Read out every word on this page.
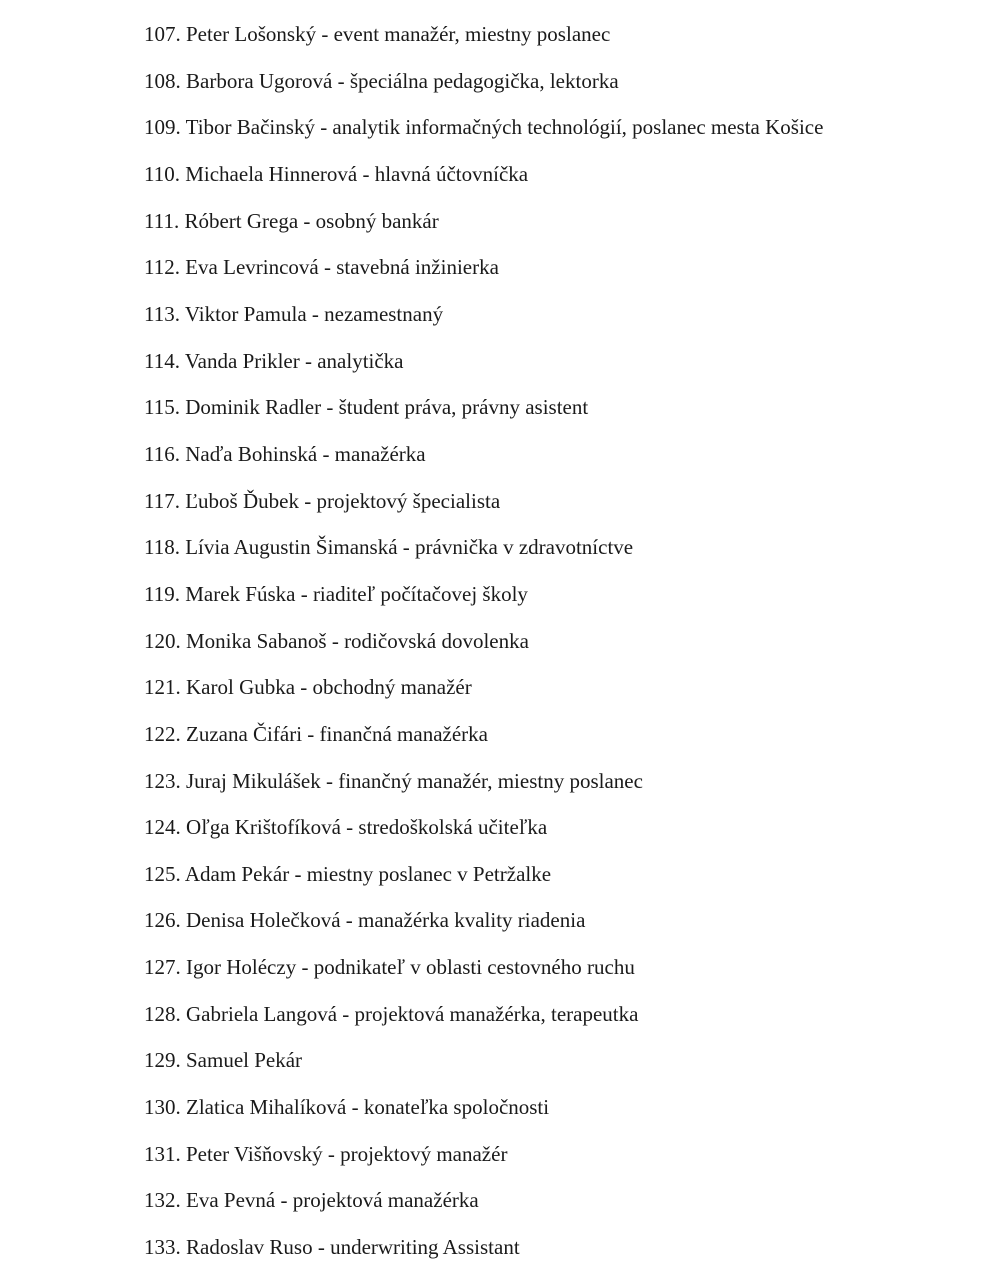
107. Peter Lošonský - event manažér, miestny poslanec
108. Barbora Ugorová - špeciálna pedagogička, lektorka
109. Tibor Bačinský - analytik informačných technológií, poslanec mesta Košice
110. Michaela Hinnerová - hlavná účtovníčka
111. Róbert Grega - osobný bankár
112. Eva Levrincová - stavebná inžinierka
113. Viktor Pamula - nezamestnaný
114. Vanda Prikler - analytička
115. Dominik Radler - študent práva, právny asistent
116. Naďa Bohinská - manažérka
117. Ľuboš Ďubek - projektový špecialista
118. Lívia Augustin Šimanská - právnička v zdravotníctve
119. Marek Fúska - riaditeľ počítačovej školy
120. Monika Sabanoš - rodičovská dovolenka
121. Karol Gubka - obchodný manažér
122. Zuzana Čifári - finančná manažérka
123. Juraj Mikulášek - finančný manažér, miestny poslanec
124. Oľga Krištofíková - stredoškolská učiteľka
125. Adam Pekár - miestny poslanec v Petržalke
126. Denisa Holečková - manažérka kvality riadenia
127. Igor Holéczy - podnikateľ v oblasti cestovného ruchu
128. Gabriela Langová - projektová manažérka, terapeutka
129. Samuel Pekár
130. Zlatica Mihalíková - konateľka spoločnosti
131. Peter Višňovský - projektový manažér
132. Eva Pevná - projektová manažérka
133. Radoslav Ruso - underwriting Assistant
